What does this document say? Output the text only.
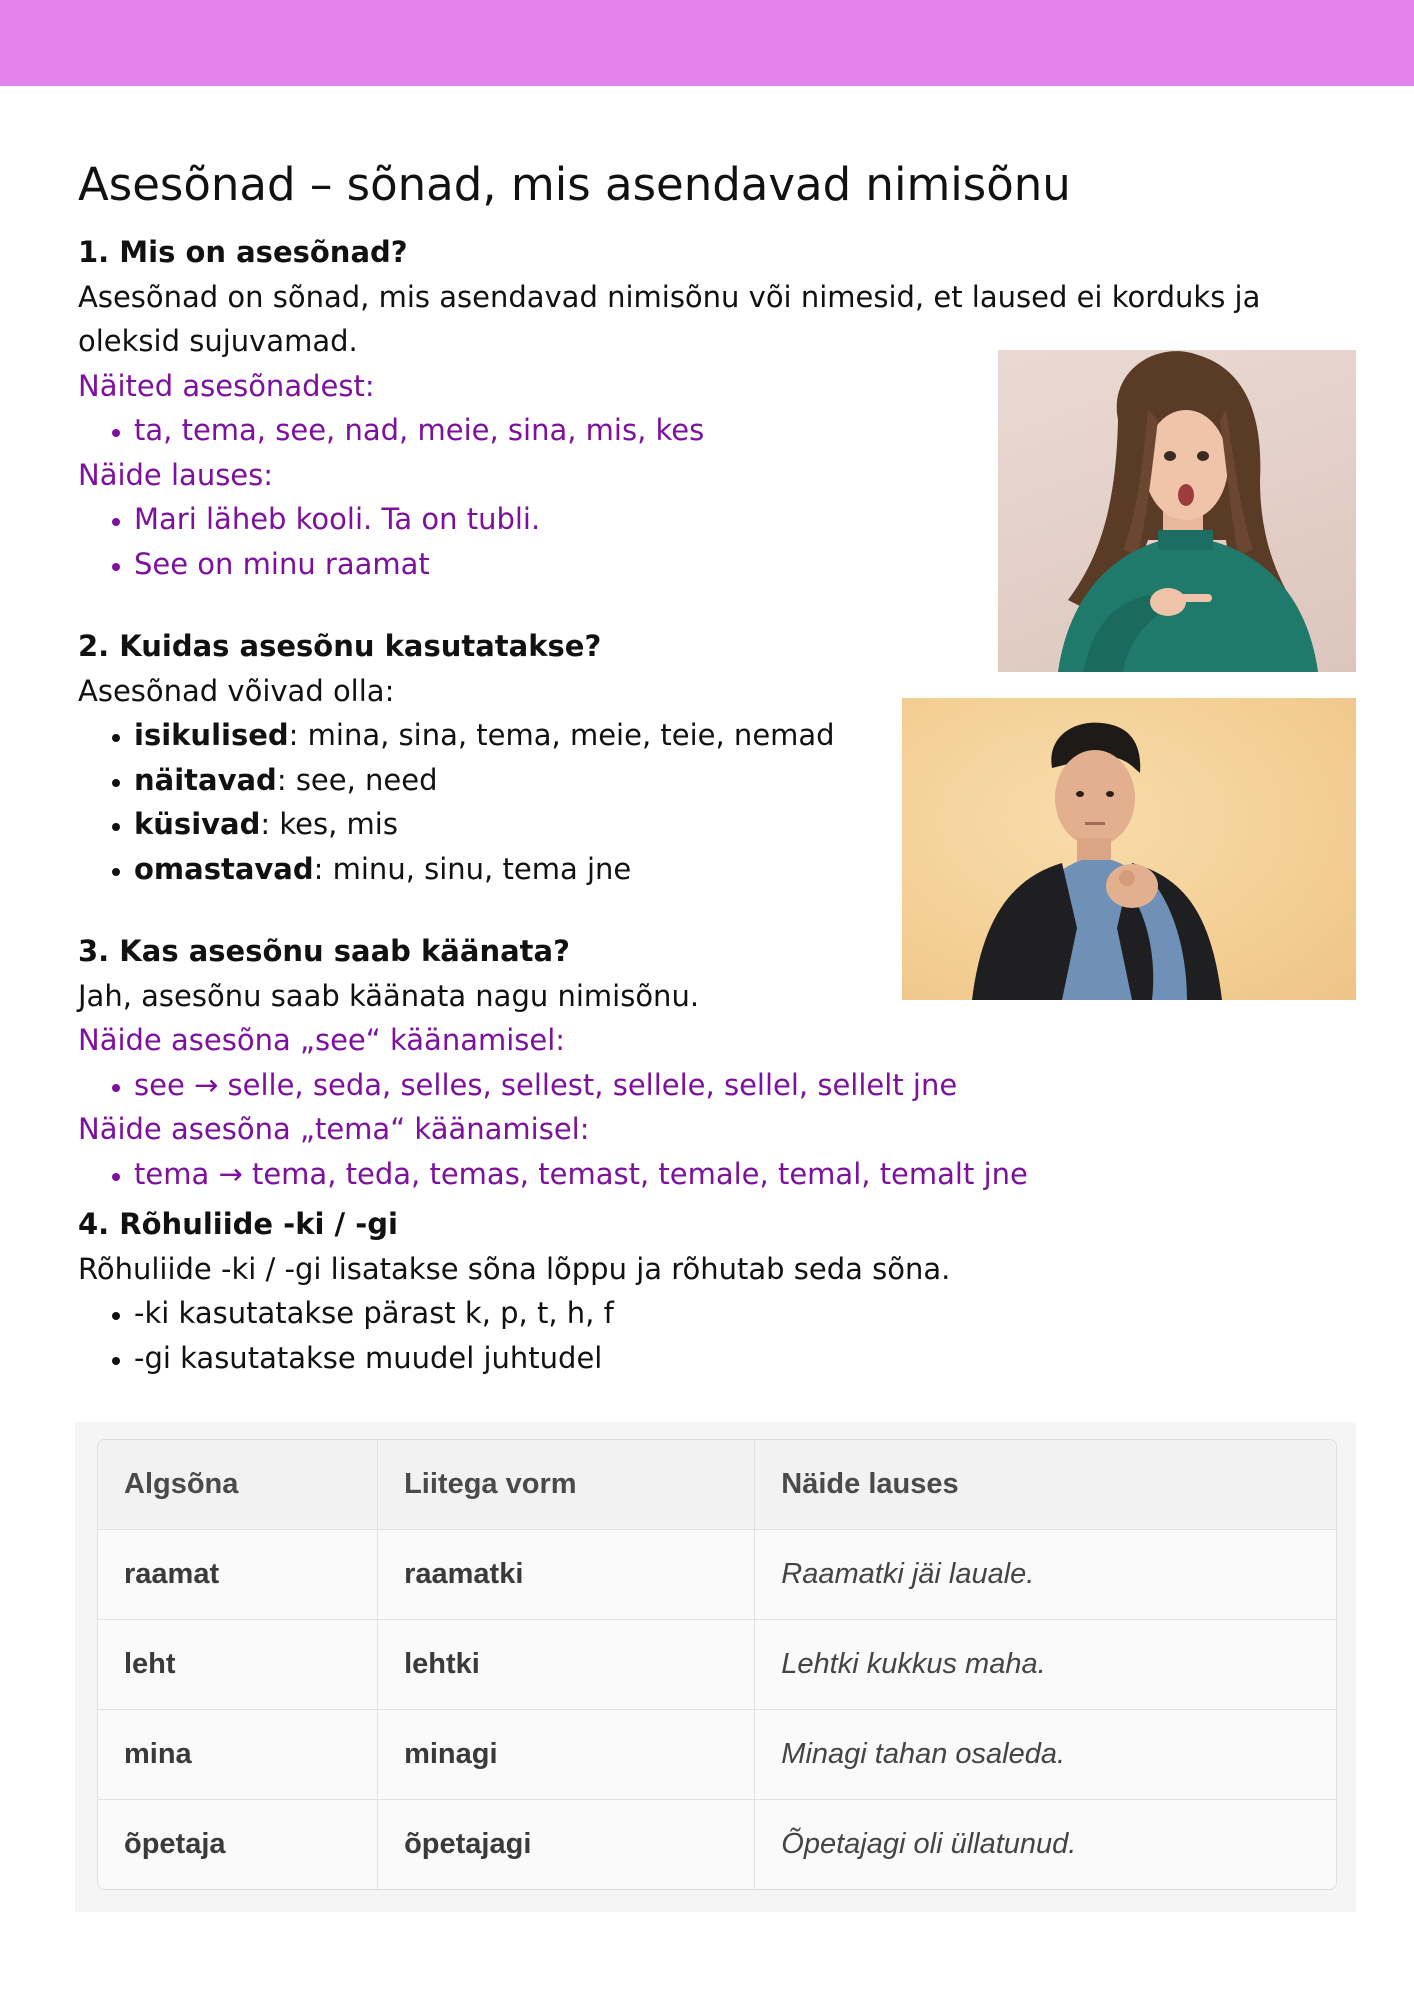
Asesõnad – sõnad, mis asendavad nimisõnu

1. Mis on asesõnad?

Asesõnad on sõnad, mis asendavad nimisõnu või nimesid, et laused ei korduks ja oleksid sujuvamad.

Näited asesõnadest:

• ta, tema, see, nad, meie, sina, mis, kes

Näide lauses:

• Mari läheb kooli. Ta on tubli.
• See on minu raamat

2. Kuidas asesõnu kasutatakse?

Asesõnad võivad olla:

• isikulised: mina, sina, tema, meie, teie, nemad
• näitavad: see, need
• küsivad: kes, mis
• omastavad: minu, sinu, tema jne

3. Kas asesõnu saab käänata?

Jah, asesõnu saab käänata nagu nimisõnu.

Näide asesõna „see“ käänamisel:

• see → selle, seda, selles, sellest, sellele, sellel, sellelt jne

Näide asesõna „tema“ käänamisel:

• tema → tema, teda, temas, temast, temale, temal, temalt jne

4. Rõhuliide -ki / -gi

Rõhuliide -ki / -gi lisatakse sõna lõppu ja rõhutab seda sõna.

• -ki kasutatakse pärast k, p, t, h, f
• -gi kasutatakse muudel juhtudel
Algsõna	Liitega vorm	Näide lauses
raamat	raamatki	Raamatki jäi lauale.
leht	lehtki	Lehtki kukkus maha.
mina	minagi	Minagi tahan osaleda.
õpetaja	õpetajagi	Õpetajagi oli üllatunud.
